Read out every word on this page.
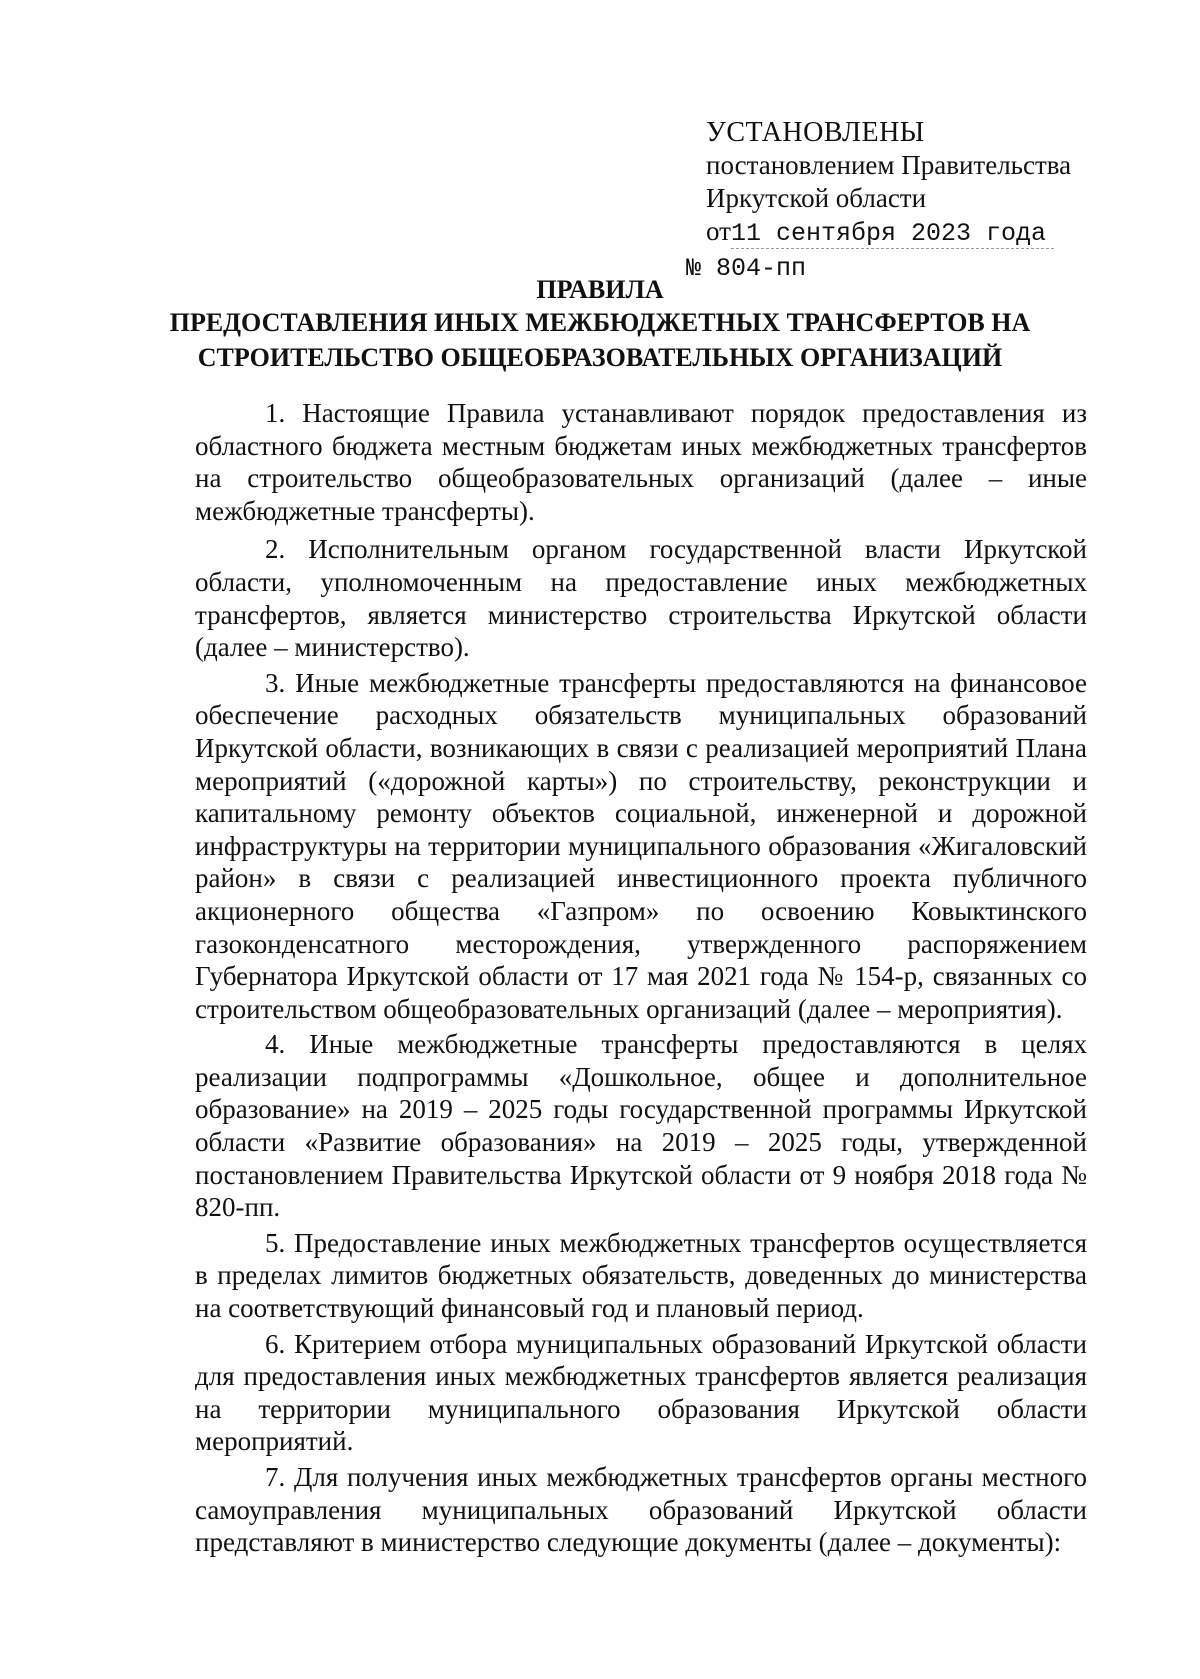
УСТАНОВЛЕНЫ
постановлением Правительства
Иркутской области
от11 сентября 2023 года
№ 804-пп
ПРАВИЛА
ПРЕДОСТАВЛЕНИЯ ИНЫХ МЕЖБЮДЖЕТНЫХ ТРАНСФЕРТОВ НА
СТРОИТЕЛЬСТВО ОБЩЕОБРАЗОВАТЕЛЬНЫХ ОРГАНИЗАЦИЙ

1. Настоящие Правила устанавливают порядок предоставления из областного бюджета местным бюджетам иных межбюджетных трансфертов на строительство общеобразовательных организаций (далее – иные межбюджетные трансферты).

2. Исполнительным органом государственной власти Иркутской области, уполномоченным на предоставление иных межбюджетных трансфертов, является министерство строительства Иркутской области (далее – министерство).

3. Иные межбюджетные трансферты предоставляются на финансовое обеспечение расходных обязательств муниципальных образований Иркутской области, возникающих в связи с реализацией мероприятий Плана мероприятий («дорожной карты») по строительству, реконструкции и капитальному ремонту объектов социальной, инженерной и дорожной инфраструктуры на территории муниципального образования «Жигаловский район» в связи с реализацией инвестиционного проекта публичного акционерного общества «Газпром» по освоению Ковыктинского газоконденсатного месторождения, утвержденного распоряжением Губернатора Иркутской области от 17 мая 2021 года № 154-р, связанных со строительством общеобразовательных организаций (далее – мероприятия).

4. Иные межбюджетные трансферты предоставляются в целях реализации подпрограммы «Дошкольное, общее и дополнительное образование» на 2019 – 2025 годы государственной программы Иркутской области «Развитие образования» на 2019 – 2025 годы, утвержденной постановлением Правительства Иркутской области от 9 ноября 2018 года № 820-пп.

5. Предоставление иных межбюджетных трансфертов осуществляется в пределах лимитов бюджетных обязательств, доведенных до министерства на соответствующий финансовый год и плановый период.

6. Критерием отбора муниципальных образований Иркутской области для предоставления иных межбюджетных трансфертов является реализация на территории муниципального образования Иркутской области мероприятий.

7. Для получения иных межбюджетных трансфертов органы местного самоуправления муниципальных образований Иркутской области представляют в министерство следующие документы (далее – документы):
